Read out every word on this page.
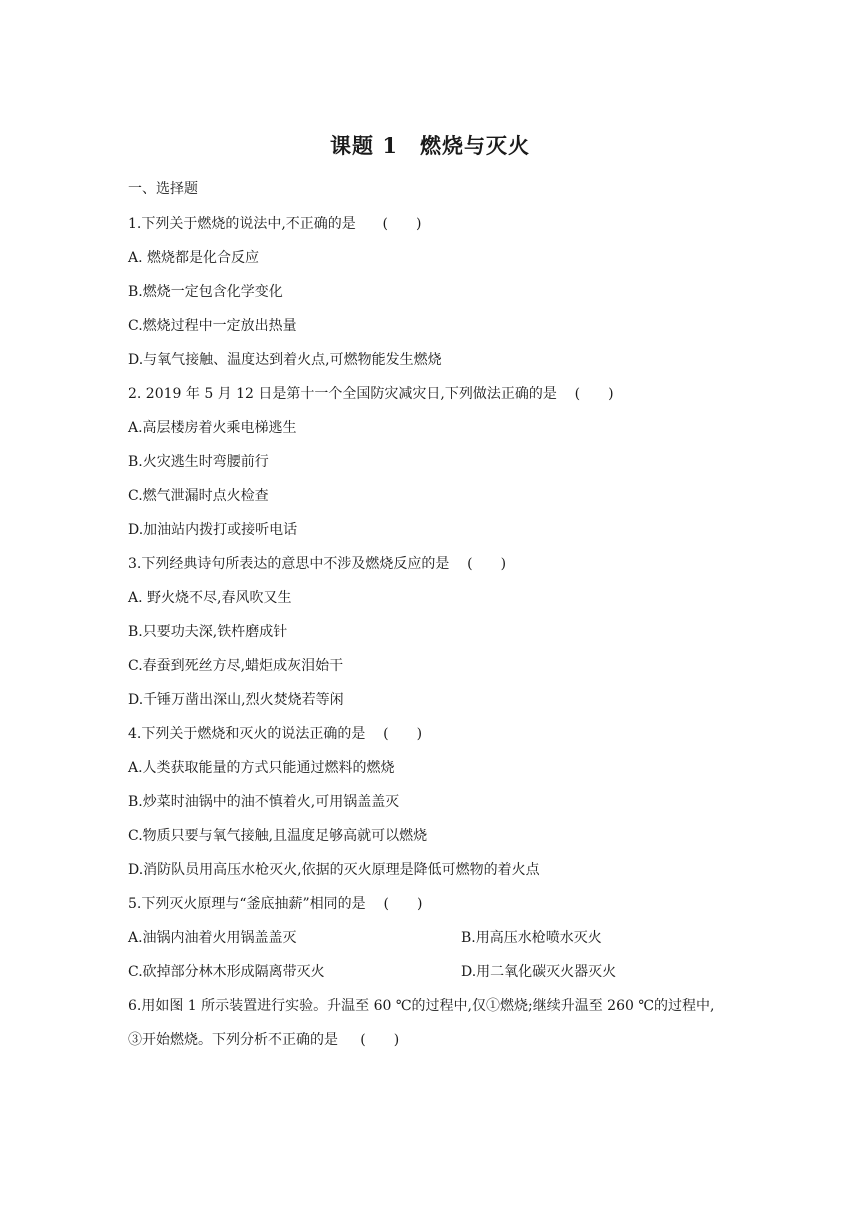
课题 1　燃烧与灭火
一、选择题
1.下列关于燃烧的说法中,不正确的是 (　　)
A. 燃烧都是化合反应
B.燃烧一定包含化学变化
C.燃烧过程中一定放出热量
D.与氧气接触、温度达到着火点,可燃物能发生燃烧
2. 2019 年 5 月 12 日是第十一个全国防灾减灾日,下列做法正确的是 (　　)
A.高层楼房着火乘电梯逃生
B.火灾逃生时弯腰前行
C.燃气泄漏时点火检查
D.加油站内拨打或接听电话
3.下列经典诗句所表达的意思中不涉及燃烧反应的是 (　　)
A. 野火烧不尽,春风吹又生
B.只要功夫深,铁杵磨成针
C.春蚕到死丝方尽,蜡炬成灰泪始干
D.千锤万凿出深山,烈火焚烧若等闲
4.下列关于燃烧和灭火的说法正确的是 (　　)
A.人类获取能量的方式只能通过燃料的燃烧
B.炒菜时油锅中的油不慎着火,可用锅盖盖灭
C.物质只要与氧气接触,且温度足够高就可以燃烧
D.消防队员用高压水枪灭火,依据的灭火原理是降低可燃物的着火点
5.下列灭火原理与“釜底抽薪”相同的是 (　　)
A.油锅内油着火用锅盖盖灭	B.用高压水枪喷水灭火
C.砍掉部分林木形成隔离带灭火	D.用二氧化碳灭火器灭火
6.用如图 1 所示装置进行实验。升温至 60 ℃的过程中,仅①燃烧;继续升温至 260 ℃的过程中,
③开始燃烧。下列分析不正确的是 (　　)
